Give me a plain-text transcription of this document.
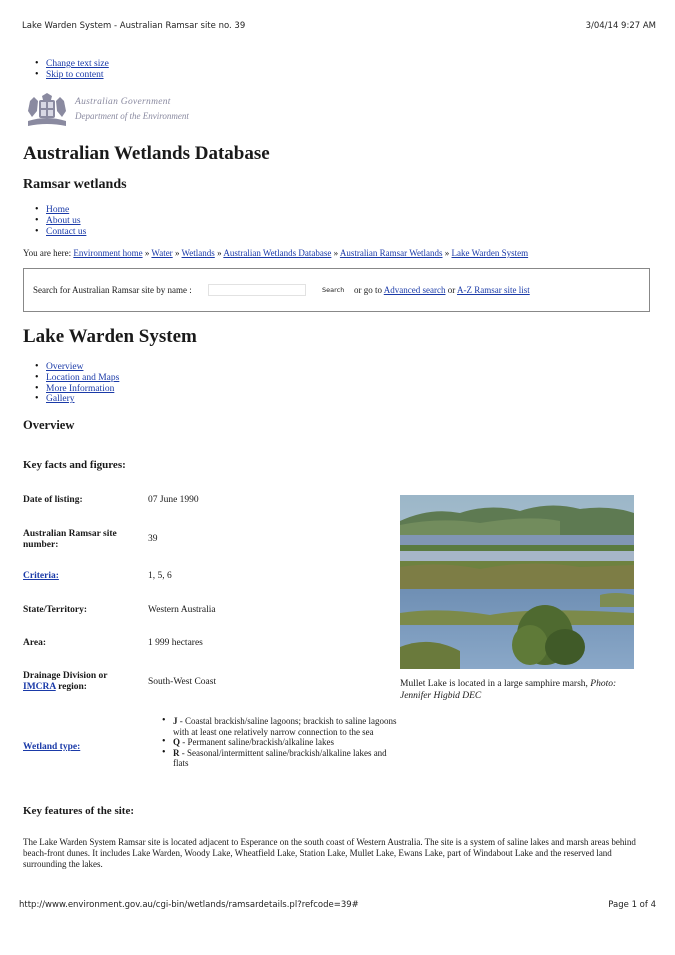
Lake Warden System - Australian Ramsar site no. 39	3/04/14 9:27 AM
• Change text size
• Skip to content
Australian Government
Department of the Environment
Australian Wetlands Database
Ramsar wetlands
• Home
• About us
• Contact us
You are here: Environment home » Water » Wetlands » Australian Wetlands Database » Australian Ramsar Wetlands » Lake Warden System
Search for Australian Ramsar site by name :	Search or go to Advanced search or A-Z Ramsar site list
Lake Warden System
• Overview
• Location and Maps
• More Information
• Gallery
Overview
Key facts and figures:
Date of listing:	07 June 1990
Australian Ramsar site number:
39
Criteria:	1, 5, 6
State/Territory:	Western Australia
Area:	1 999 hectares
Drainage Division or
IMCRA region:	South-West Coast
Wetland type:
• J - Coastal brackish/saline lagoons; brackish to saline lagoons with at least one relatively narrow connection to the sea
• Q - Permanent saline/brackish/alkaline lakes
• R - Seasonal/intermittent saline/brackish/alkaline lakes and flats
Mullet Lake is located in a large samphire marsh, Photo: Jennifer Higbid DEC
Key features of the site:
The Lake Warden System Ramsar site is located adjacent to Esperance on the south coast of Western Australia. The site is a system of saline lakes and marsh areas behind beach-front dunes. It includes Lake Warden, Woody Lake, Wheatfield Lake, Station Lake, Mullet Lake, Ewans Lake, part of Windabout Lake and the reserved land surrounding the lakes.
http://www.environment.gov.au/cgi-bin/wetlands/ramsardetails.pl?refcode=39#	Page 1 of 4
